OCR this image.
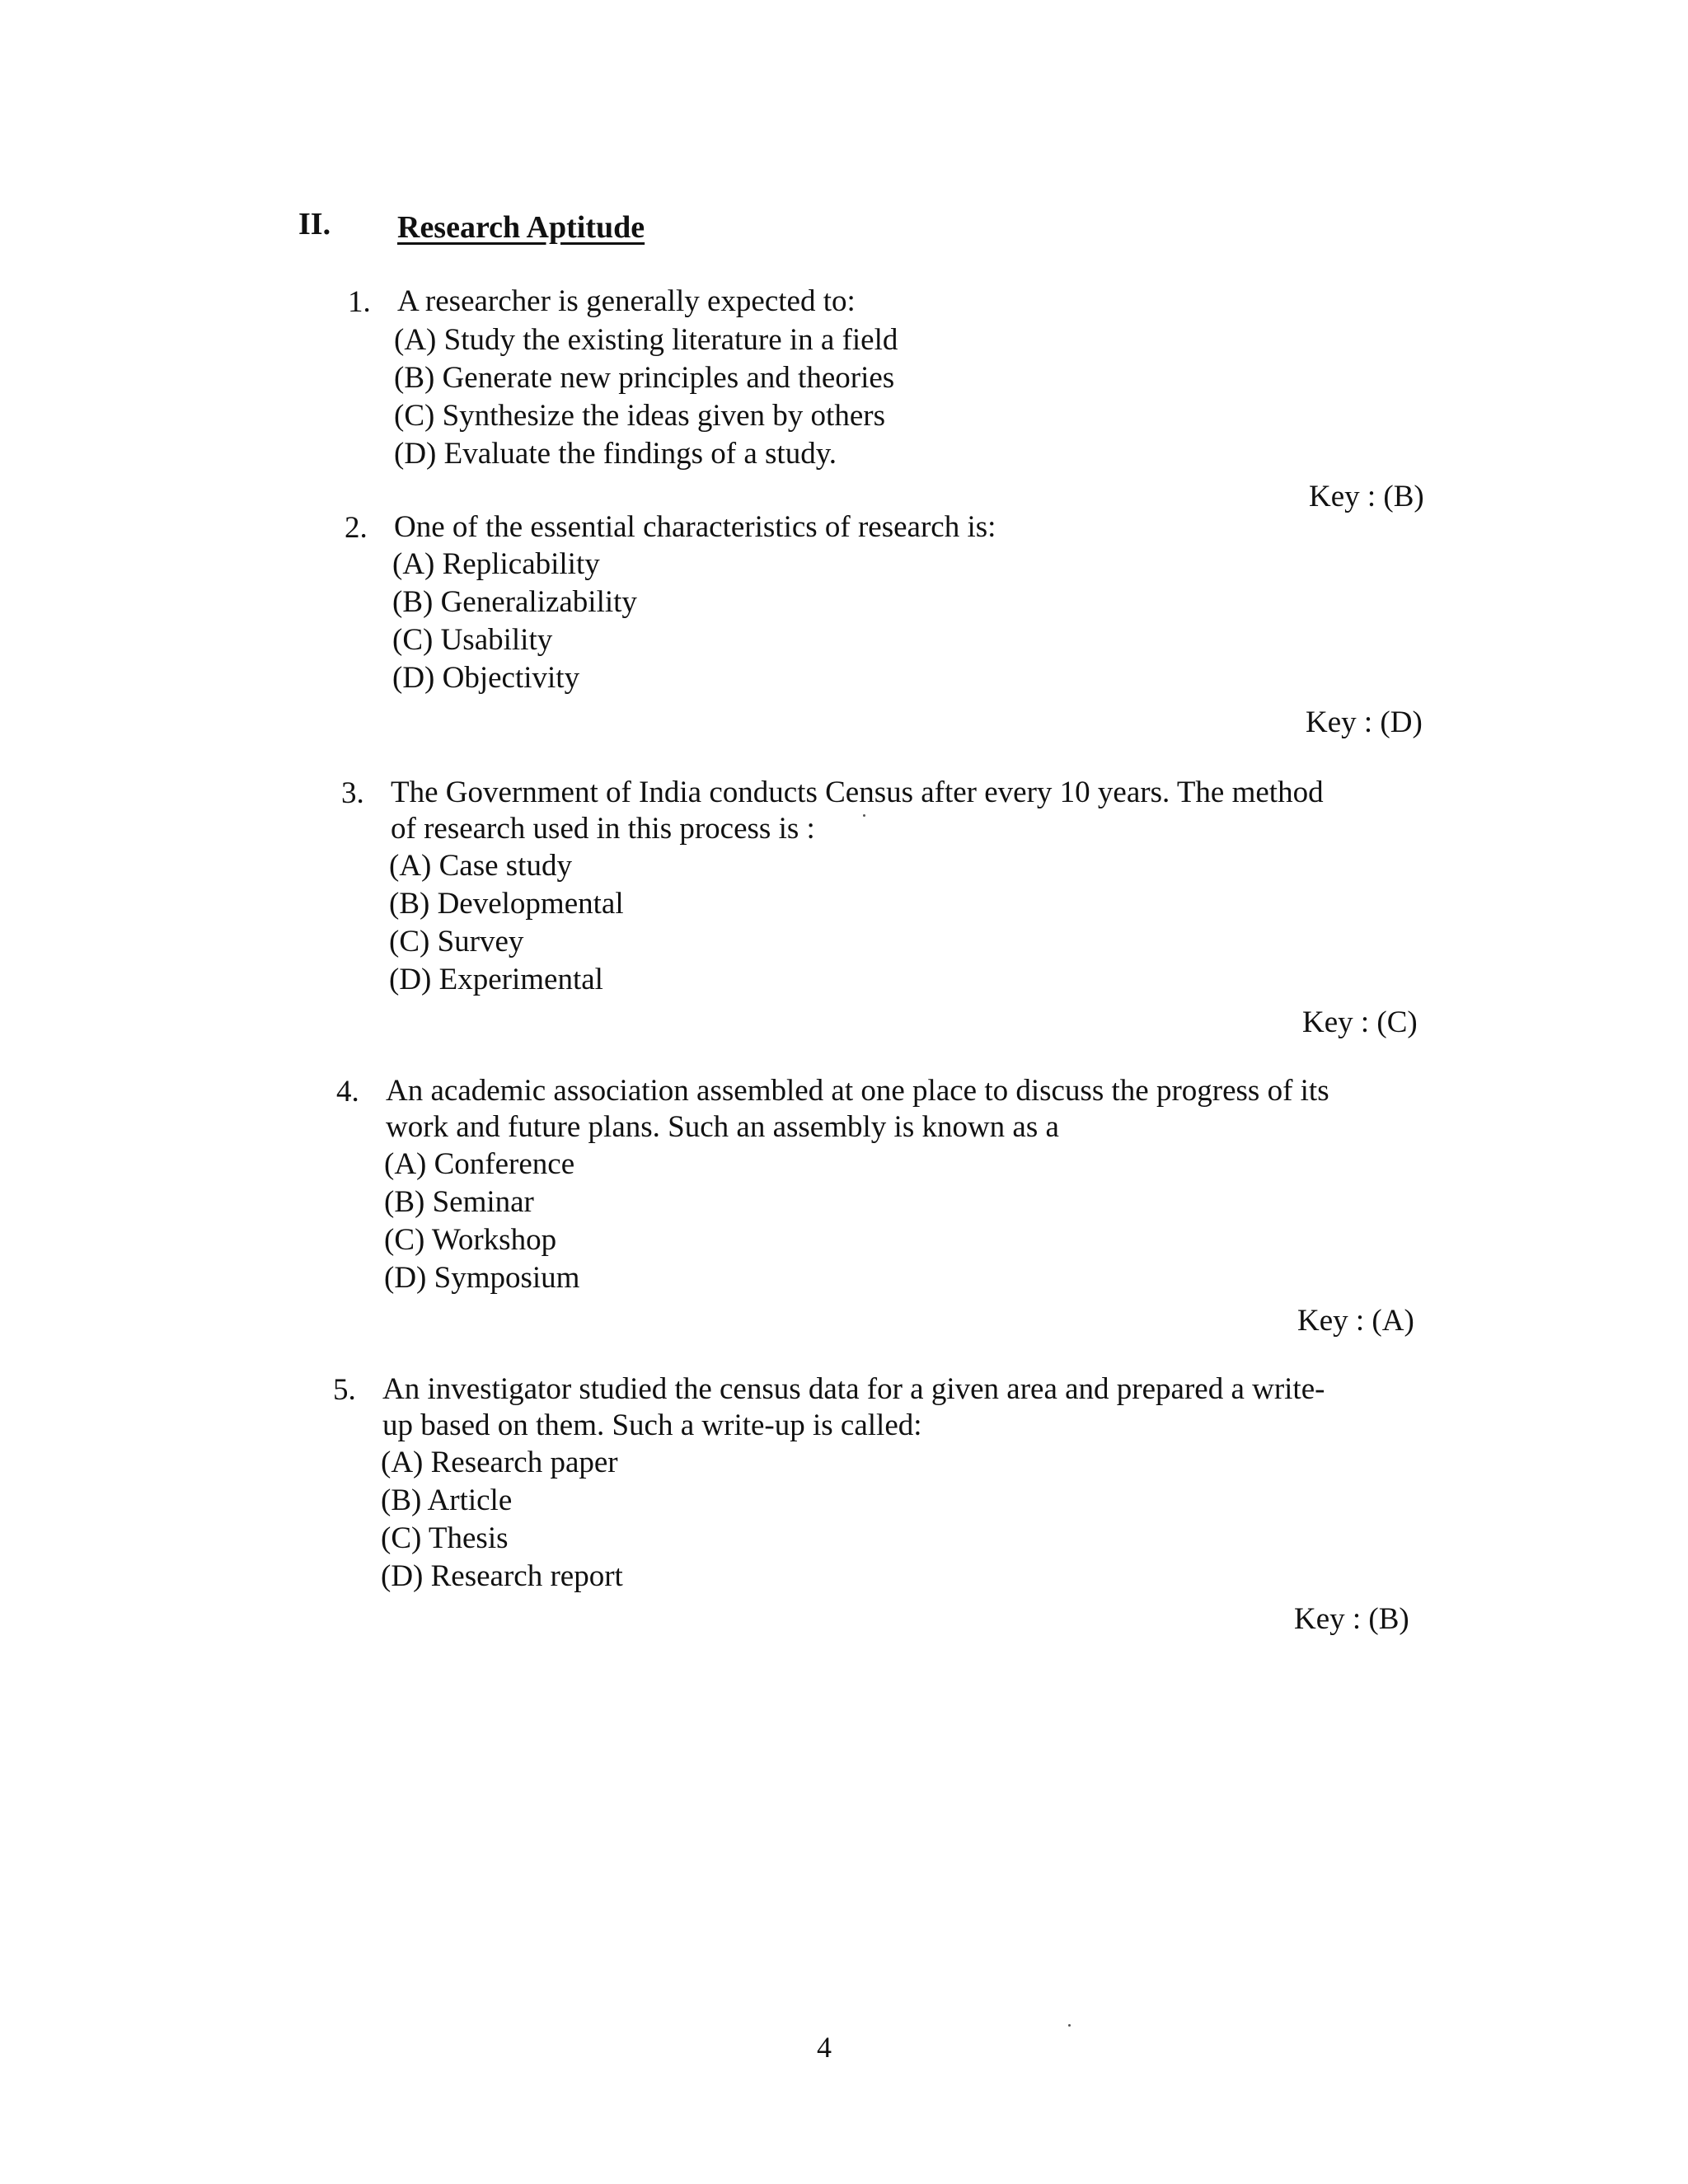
II. Research Aptitude
1. A researcher is generally expected to:
(A) Study the existing literature in a field
(B) Generate new principles and theories
(C) Synthesize the ideas given by others
(D) Evaluate the findings of a study.
Key : (B)
2. One of the essential characteristics of research is:
(A) Replicability
(B) Generalizability
(C) Usability
(D) Objectivity
Key : (D)
3. The Government of India conducts Census after every 10 years. The method
of research used in this process is :
(A) Case study
(B) Developmental
(C) Survey
(D) Experimental
Key : (C)
4. An academic association assembled at one place to discuss the progress of its
work and future plans. Such an assembly is known as a
(A) Conference
(B) Seminar
(C) Workshop
(D) Symposium
Key : (A)
5. An investigator studied the census data for a given area and prepared a write-
up based on them. Such a write-up is called:
(A) Research paper
(B) Article
(C) Thesis
(D) Research report
Key : (B)
4
